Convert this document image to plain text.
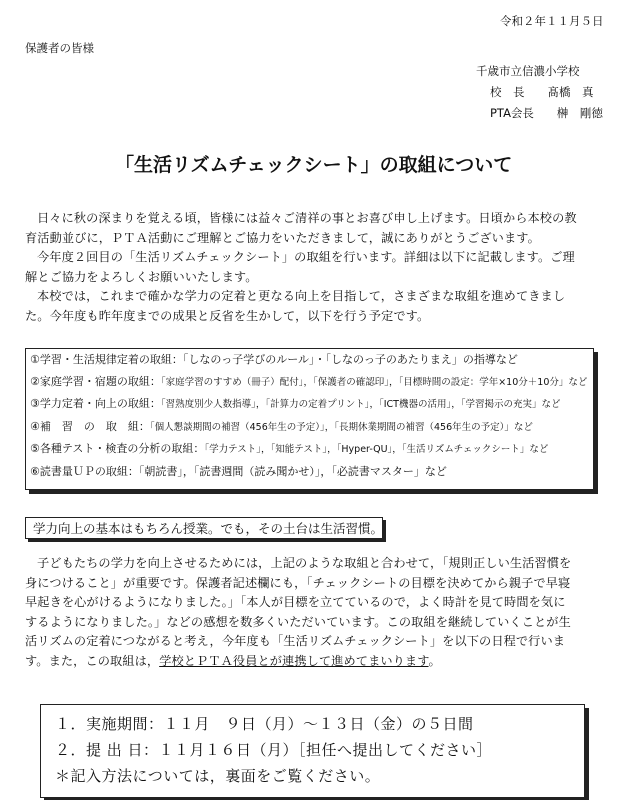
令和２年１１月５日
保護者の皆様
千歳市立信濃小学校
校　長　　髙橋　真
PTA会長　　榊　剛徳
「生活リズムチェックシート」の取組について

日々に秋の深まりを覚える頃，皆様には益々ご清祥の事とお喜び申し上げます。日頃から本校の教

育活動並びに，ＰＴＡ活動にご理解とご協力をいただきまして，誠にありがとうございます。

今年度２回目の「生活リズムチェックシート」の取組を行います。詳細は以下に記載します。ご理

解とご協力をよろしくお願いいたします。

本校では，これまで確かな学力の定着と更なる向上を目指して，さまざまな取組を進めてきまし

た。今年度も昨年度までの成果と反省を生かして，以下を行う予定です。

①学習・生活規律定着の取組：「しなのっ子学びのルール」・「しなのっ子のあたりまえ」の指導など
②家庭学習・宿題の取組：「家庭学習のすすめ（冊子）配付」，「保護者の確認印」，「目標時間の設定：学年×10分＋10分」など
③学力定着・向上の取組：「習熟度別少人数指導」，「計算力の定着プリント」，「ICT機器の活用」，「学習掲示の充実」など
④補　習　の　取　組：「個人懇談期間の補習（456年生の予定）」，「長期休業期間の補習（456年生の予定）」など
⑤各種テスト・検査の分析の取組：「学力テスト」，「知能テスト」，「Hyper-QU」，「生活リズムチェックシート」など
⑥読書量ＵＰの取組：「朝読書」，「読書週間（読み聞かせ）」，「必読書マスター」など
学力向上の基本はもちろん授業。でも，その土台は生活習慣。

子どもたちの学力を向上させるためには，上記のような取組と合わせて，「規則正しい生活習慣を

身につけること」が重要です。保護者記述欄にも，「チェックシートの目標を決めてから親子で早寝

早起きを心がけるようになりました。」「本人が目標を立てているので，よく時計を見て時間を気に

するようになりました。」などの感想を数多くいただいています。この取組を継続していくことが生

活リズムの定着につながると考え，今年度も「生活リズムチェックシート」を以下の日程で行いま

す。また，この取組は，学校とＰＴＡ役員とが連携して進めてまいります。

１．実施期間：１１月　９日（月）～１３日（金）の５日間
２．提 出 日：１１月１６日（月）［担任へ提出してください］
＊記入方法については，裏面をご覧ください。
